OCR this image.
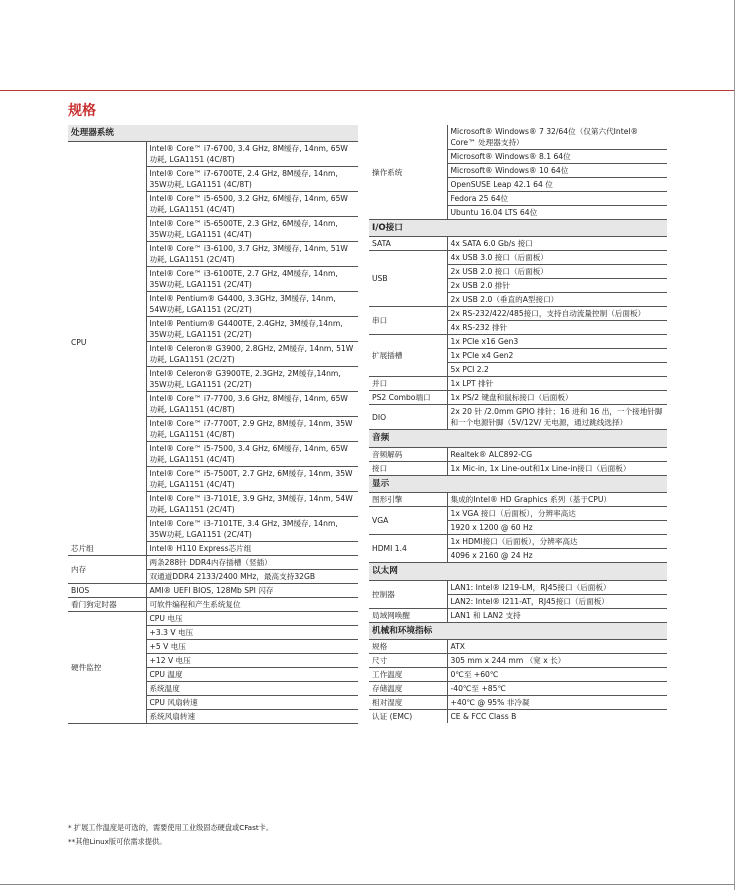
规格
处理器系统	
CPU	Intel® Core™ i7-6700, 3.4 GHz, 8M缓存, 14nm, 65W功耗, LGA1151 (4C/8T)
	Intel® Core™ i7-6700TE, 2.4 GHz, 8M缓存, 14nm, 35W功耗, LGA1151 (4C/8T)
	Intel® Core™ i5-6500, 3.2 GHz, 6M缓存, 14nm, 65W功耗, LGA1151 (4C/4T)
	Intel® Core™ i5-6500TE, 2.3 GHz, 6M缓存, 14nm, 35W功耗, LGA1151 (4C/4T)
	Intel® Core™ i3-6100, 3.7 GHz, 3M缓存, 14nm, 51W功耗, LGA1151 (2C/4T)
	Intel® Core™ i3-6100TE, 2.7 GHz, 4M缓存, 14nm, 35W功耗, LGA1151 (2C/4T)
	Intel® Pentium® G4400, 3.3GHz, 3M缓存, 14nm, 54W功耗, LGA1151 (2C/2T)
	Intel® Pentium® G4400TE, 2.4GHz, 3M缓存,14nm, 35W功耗, LGA1151 (2C/2T)
	Intel® Celeron® G3900, 2.8GHz, 2M缓存, 14nm, 51W功耗, LGA1151 (2C/2T)
	Intel® Celeron® G3900TE, 2.3GHz, 2M缓存,14nm, 35W功耗, LGA1151 (2C/2T)
	Intel® Core™ i7-7700, 3.6 GHz, 8M缓存, 14nm, 65W功耗, LGA1151 (4C/8T)
	Intel® Core™ i7-7700T, 2.9 GHz, 8M缓存, 14nm, 35W功耗, LGA1151 (4C/8T)
	Intel® Core™ i5-7500, 3.4 GHz, 6M缓存, 14nm, 65W功耗, LGA1151 (4C/4T)
	Intel® Core™ i5-7500T, 2.7 GHz, 6M缓存, 14nm, 35W功耗, LGA1151 (4C/4T)
	Intel® Core™ i3-7101E, 3.9 GHz, 3M缓存, 14nm, 54W功耗, LGA1151 (2C/4T)
	Intel® Core™ i3-7101TE, 3.4 GHz, 3M缓存, 14nm, 35W功耗, LGA1151 (2C/4T)
芯片组	Intel® H110 Express芯片组
内存	两条288针 DDR4内存插槽（竖插）
	双通道DDR4 2133/2400 MHz，最高支持32GB
BIOS	AMI® UEFI BIOS, 128Mb SPI 闪存
看门狗定时器	可软件编程和产生系统复位
硬件监控	CPU 电压
	+3.3 V 电压
	+5 V 电压
	+12 V 电压
	CPU 温度
	系统温度
	CPU 风扇转速
	系统风扇转速
操作系统	Microsoft® Windows® 7 32/64位（仅第六代Intel® Core™ 处理器支持）
	Microsoft® Windows® 8.1 64位
	Microsoft® Windows® 10 64位
	OpenSUSE Leap 42.1 64 位
	Fedora 25 64位
	Ubuntu 16.04 LTS 64位
I/O接口	
SATA	4x SATA 6.0 Gb/s 接口
USB	4x USB 3.0 接口（后面板）
	2x USB 2.0 接口（后面板）
	2x USB 2.0 排针
	2x USB 2.0（垂直的A型接口）
串口	2x RS-232/422/485接口，支持自动流量控制（后面板）
	4x RS-232 排针
扩展插槽	1x PCIe x16 Gen3
	1x PCIe x4 Gen2
	5x PCI 2.2
并口	1x LPT 排针
PS2 Combo端口	1x PS/2 键盘和鼠标接口（后面板）
DIO	2x 20 针 /2.0mm GPIO 排针；16 进和 16 出，一个接地针脚和一个电源针脚（5V/12V/ 无电源，通过跳线选择）
音频	
音频解码	Realtek® ALC892-CG
接口	1x Mic-in, 1x Line-out和1x Line-in接口（后面板）
显示	
图形引擎	集成的Intel® HD Graphics 系列（基于CPU）
VGA	1x VGA 接口（后面板），分辨率高达
	1920 x 1200 @ 60 Hz
HDMI 1.4	1x HDMI接口（后面板），分辨率高达
	4096 x 2160 @ 24 Hz
以太网	
控制器	LAN1: Intel® I219-LM，RJ45接口（后面板）
	LAN2: Intel® I211-AT，RJ45接口（后面板）
局域网唤醒	LAN1 和 LAN2 支持
机械和环境指标	
规格	ATX
尺寸	305 mm x 244 mm （宽 x 长）
工作温度	0℃至 +60℃
存储温度	-40℃至 +85℃
相对湿度	+40℃ @ 95% 非冷凝
认证 (EMC)	CE & FCC Class B
* 扩展工作温度是可选的，需要使用工业级固态硬盘或CFast卡。
**其他Linux版可依需求提供。
